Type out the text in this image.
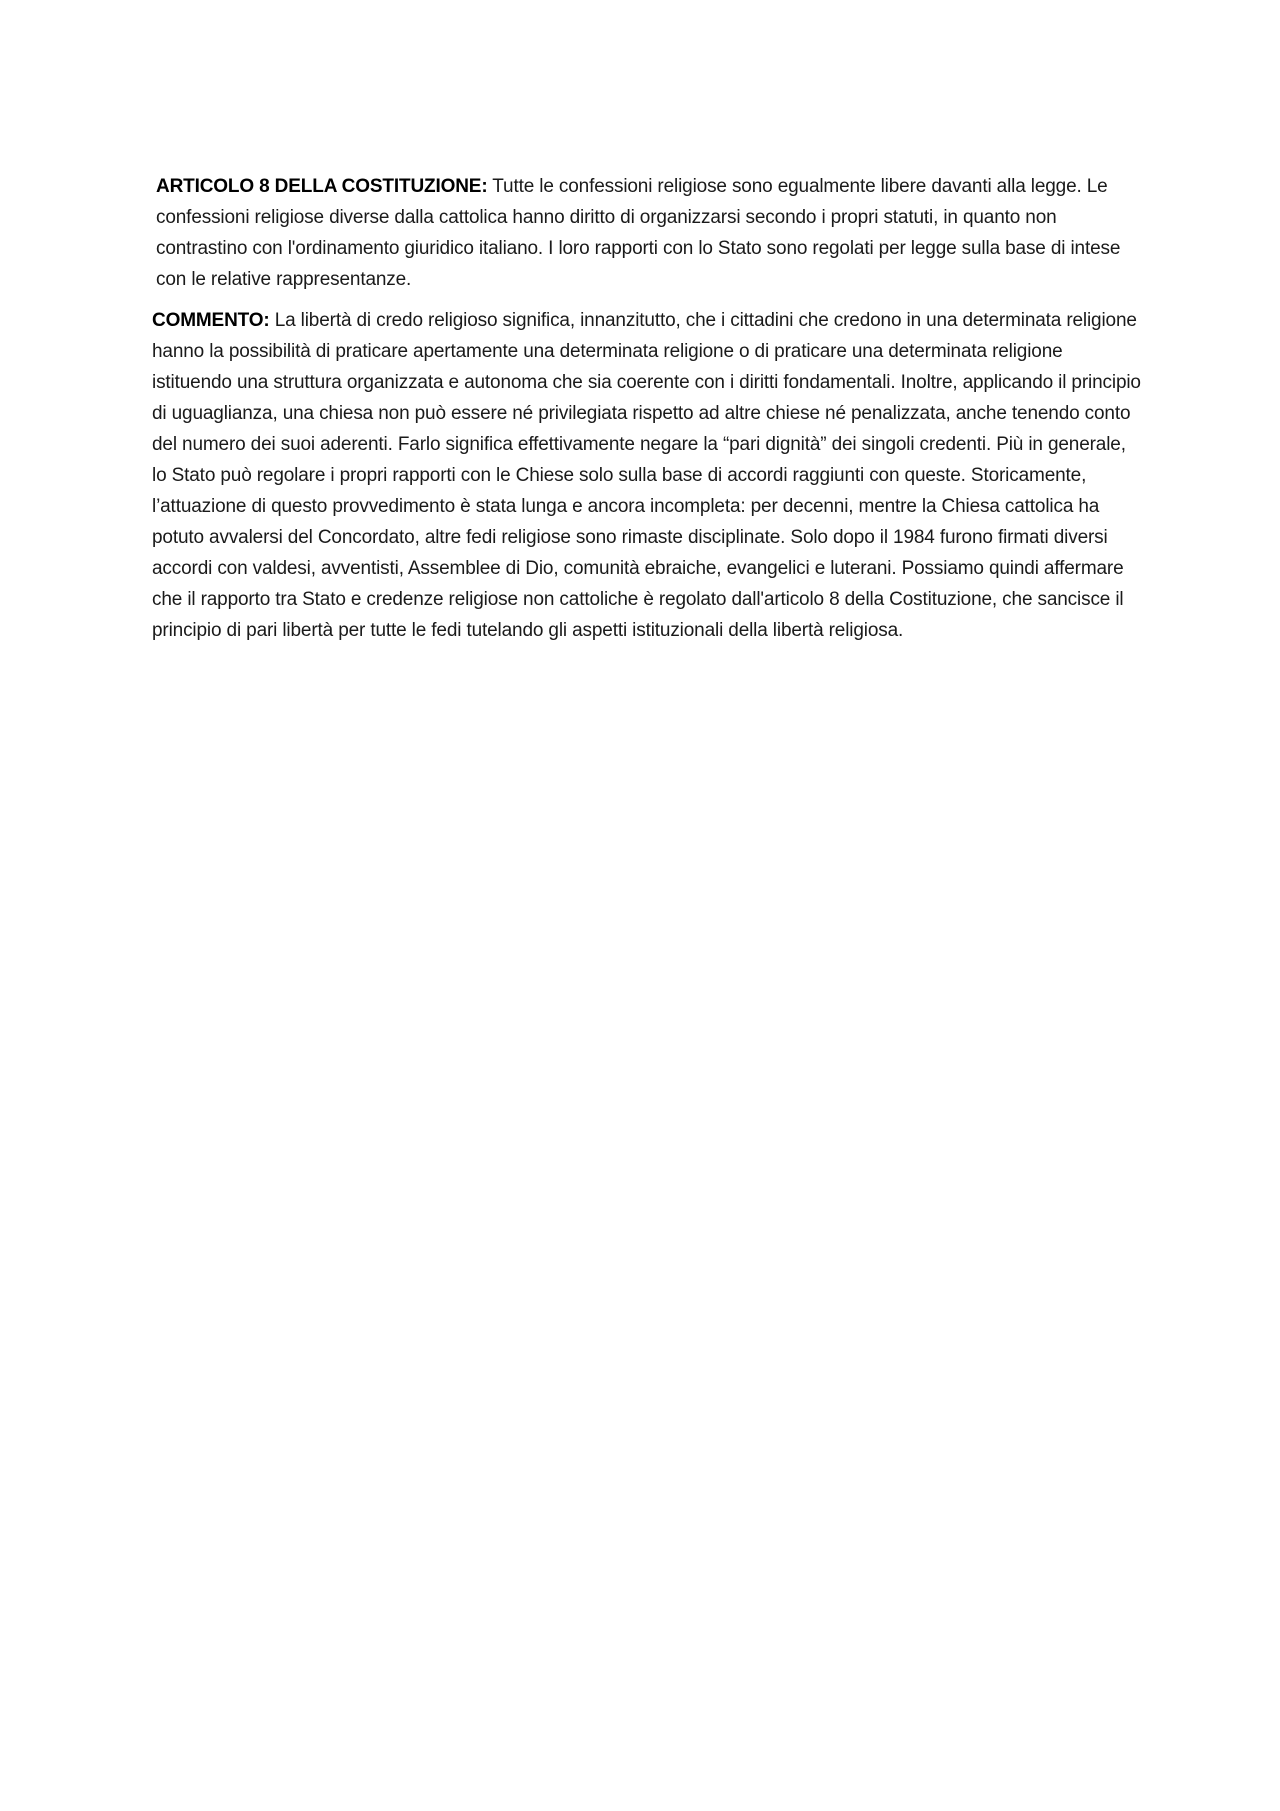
ARTICOLO 8 DELLA COSTITUZIONE: Tutte le confessioni religiose sono egualmente libere davanti alla legge. Le confessioni religiose diverse dalla cattolica hanno diritto di organizzarsi secondo i propri statuti, in quanto non contrastino con l'ordinamento giuridico italiano. I loro rapporti con lo Stato sono regolati per legge sulla base di intese con le relative rappresentanze.

COMMENTO: La libertà di credo religioso significa, innanzitutto, che i cittadini che credono in una determinata religione hanno la possibilità di praticare apertamente una determinata religione o di praticare una determinata religione istituendo una struttura organizzata e autonoma che sia coerente con i diritti fondamentali. Inoltre, applicando il principio di uguaglianza, una chiesa non può essere né privilegiata rispetto ad altre chiese né penalizzata, anche tenendo conto del numero dei suoi aderenti. Farlo significa effettivamente negare la “pari dignità” dei singoli credenti. Più in generale, lo Stato può regolare i propri rapporti con le Chiese solo sulla base di accordi raggiunti con queste. Storicamente, l’attuazione di questo provvedimento è stata lunga e ancora incompleta: per decenni, mentre la Chiesa cattolica ha potuto avvalersi del Concordato, altre fedi religiose sono rimaste disciplinate. Solo dopo il 1984 furono firmati diversi accordi con valdesi, avventisti, Assemblee di Dio, comunità ebraiche, evangelici e luterani. Possiamo quindi affermare che il rapporto tra Stato e credenze religiose non cattoliche è regolato dall'articolo 8 della Costituzione, che sancisce il principio di pari libertà per tutte le fedi tutelando gli aspetti istituzionali della libertà religiosa.
